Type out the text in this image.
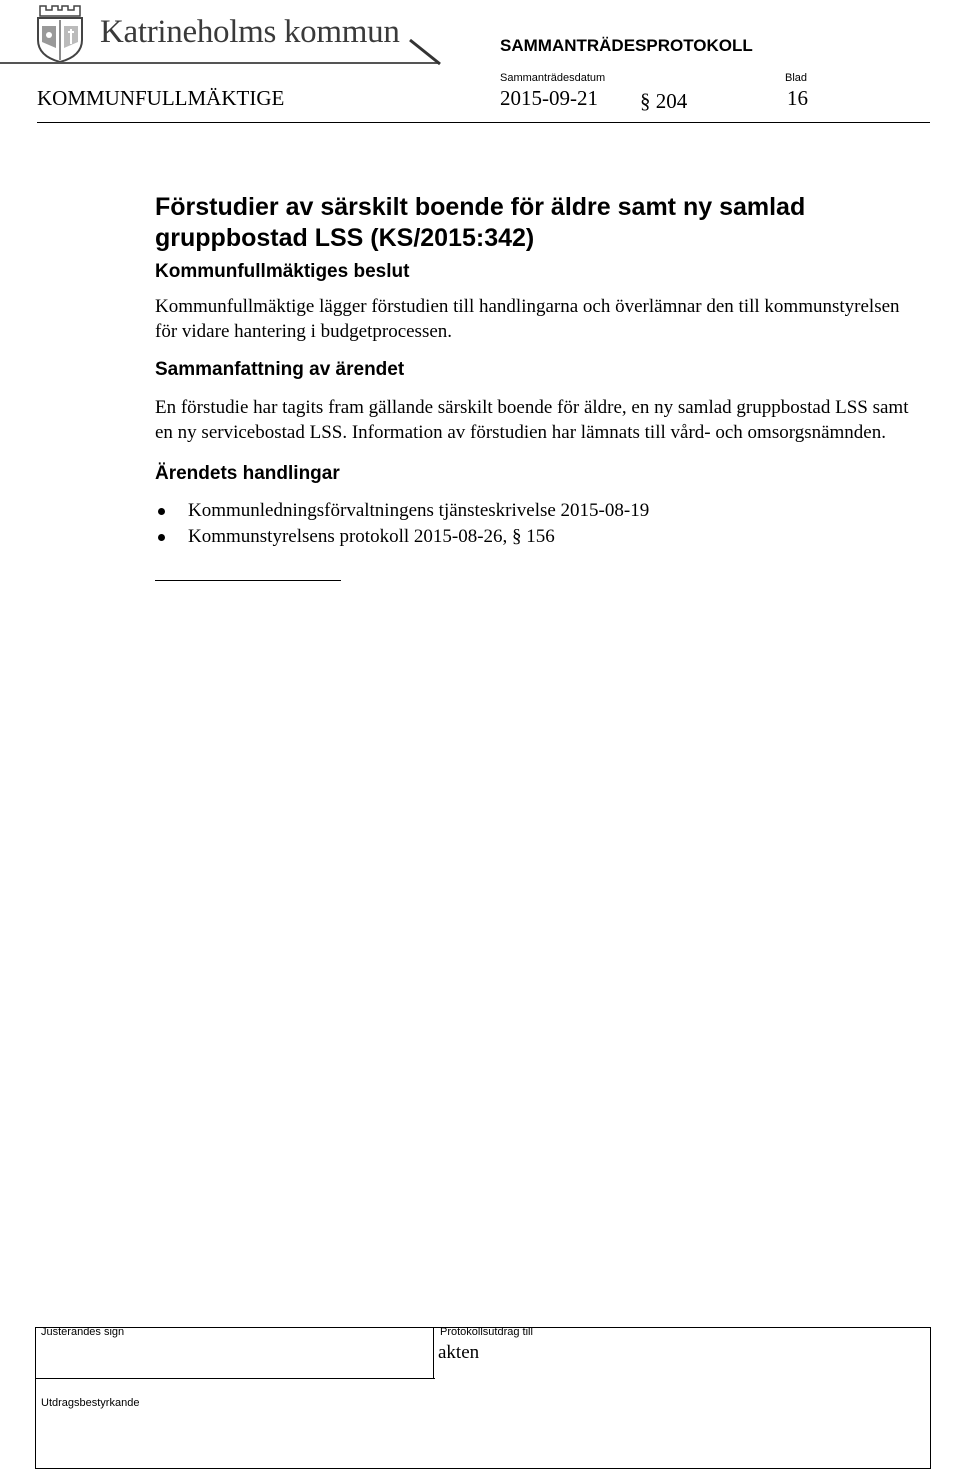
Katrineholms kommun	SAMMANTRÄDESPROTOKOLL
Sammanträdesdatum	Blad
KOMMUNFULLMÄKTIGE	2015-09-21 § 204	16
Förstudier av särskilt boende för äldre samt ny samlad gruppbostad LSS (KS/2015:342)
Kommunfullmäktiges beslut

Kommunfullmäktige lägger förstudien till handlingarna och överlämnar den till kommunstyrelsen för vidare hantering i budgetprocessen.

Sammanfattning av ärendet

En förstudie har tagits fram gällande särskilt boende för äldre, en ny samlad gruppbostad LSS samt en ny servicebostad LSS. Information av förstudien har lämnats till vård- och omsorgsnämnden.

Ärendets handlingar
Kommunledningsförvaltningens tjänsteskrivelse 2015-08-19
Kommunstyrelsens protokoll 2015-08-26, § 156
Justerandes sign	Protokollsutdrag till
akten
Utdragsbestyrkande
